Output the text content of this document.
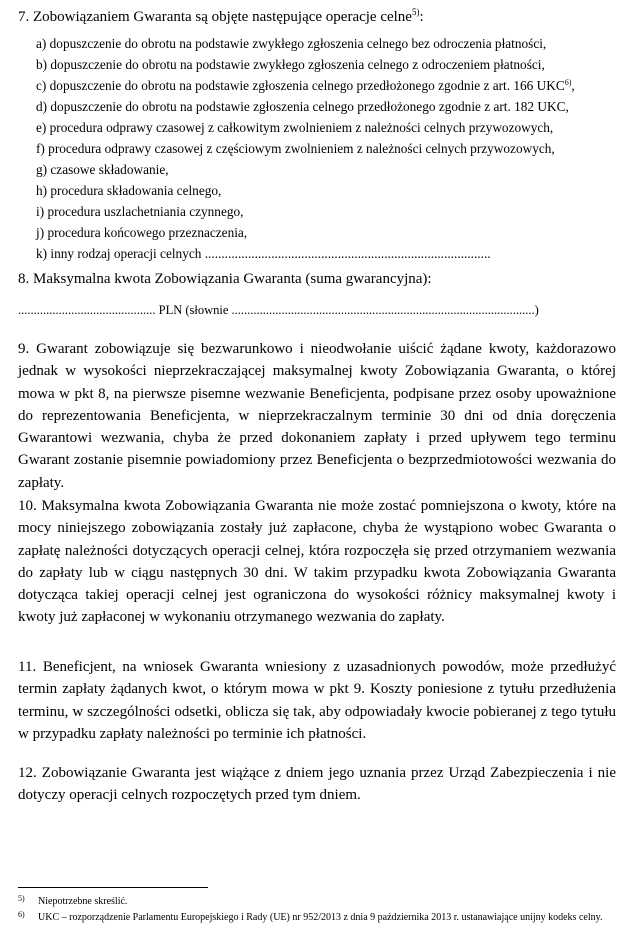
7. Zobowiązaniem Gwaranta są objęte następujące operacje celne$^{5)}$:
a) dopuszczenie do obrotu na podstawie zwykłego zgłoszenia celnego bez odroczenia płatności,
b) dopuszczenie do obrotu na podstawie zwykłego zgłoszenia celnego z odroczeniem płatności,
c) dopuszczenie do obrotu na podstawie zgłoszenia celnego przedłożonego zgodnie z art. 166 UKC$^{6)}$,
d) dopuszczenie do obrotu na podstawie zgłoszenia celnego przedłożonego zgodnie z art. 182 UKC,
e) procedura odprawy czasowej z całkowitym zwolnieniem z należności celnych przywozowych,
f) procedura odprawy czasowej z częściowym zwolnieniem z należności celnych przywozowych,
g) czasowe składowanie,
h) procedura składowania celnego,
i) procedura uszlachetniania czynnego,
j) procedura końcowego przeznaczenia,
k) inny rodzaj operacji celnych ......................................................................................
8. Maksymalna kwota Zobowiązania Gwaranta (suma gwarancyjna):
............................................ PLN (słownie .................................................................................................)
9. Gwarant zobowiązuje się bezwarunkowo i nieodwołanie uiścić żądane kwoty, każdorazowo jednak w wysokości nieprzekraczającej maksymalnej kwoty Zobowiązania Gwaranta, o której mowa w pkt 8, na pierwsze pisemne wezwanie Beneficjenta, podpisane przez osoby upoważnione do reprezentowania Beneficjenta, w nieprzekraczalnym terminie 30 dni od dnia doręczenia Gwarantowi wezwania, chyba że przed dokonaniem zapłaty i przed upływem tego terminu Gwarant zostanie pisemnie powiadomiony przez Beneficjenta o bezprzedmiotowości wezwania do zapłaty.
10. Maksymalna kwota Zobowiązania Gwaranta nie może zostać pomniejszona o kwoty, które na mocy niniejszego zobowiązania zostały już zapłacone, chyba że wystąpiono wobec Gwaranta o zapłatę należności dotyczących operacji celnej, która rozpoczęła się przed otrzymaniem wezwania do zapłaty lub w ciągu następnych 30 dni. W takim przypadku kwota Zobowiązania Gwaranta dotycząca takiej operacji celnej jest ograniczona do wysokości różnicy maksymalnej kwoty i kwoty już zapłaconej w wykonaniu otrzymanego wezwania do zapłaty.
11. Beneficjent, na wniosek Gwaranta wniesiony z uzasadnionych powodów, może przedłużyć termin zapłaty żądanych kwot, o którym mowa w pkt 9. Koszty poniesione z tytułu przedłużenia terminu, w szczególności odsetki, oblicza się tak, aby odpowiadały kwocie pobieranej z tego tytułu w przypadku zapłaty należności po terminie ich płatności.
12. Zobowiązanie Gwaranta jest wiążące z dniem jego uznania przez Urząd Zabezpieczenia i nie dotyczy operacji celnych rozpoczętych przed tym dniem.
5) Niepotrzebne skreślić.
6) UKC – rozporządzenie Parlamentu Europejskiego i Rady (UE) nr 952/2013 z dnia 9 października 2013 r. ustanawiające unijny kodeks celny.
